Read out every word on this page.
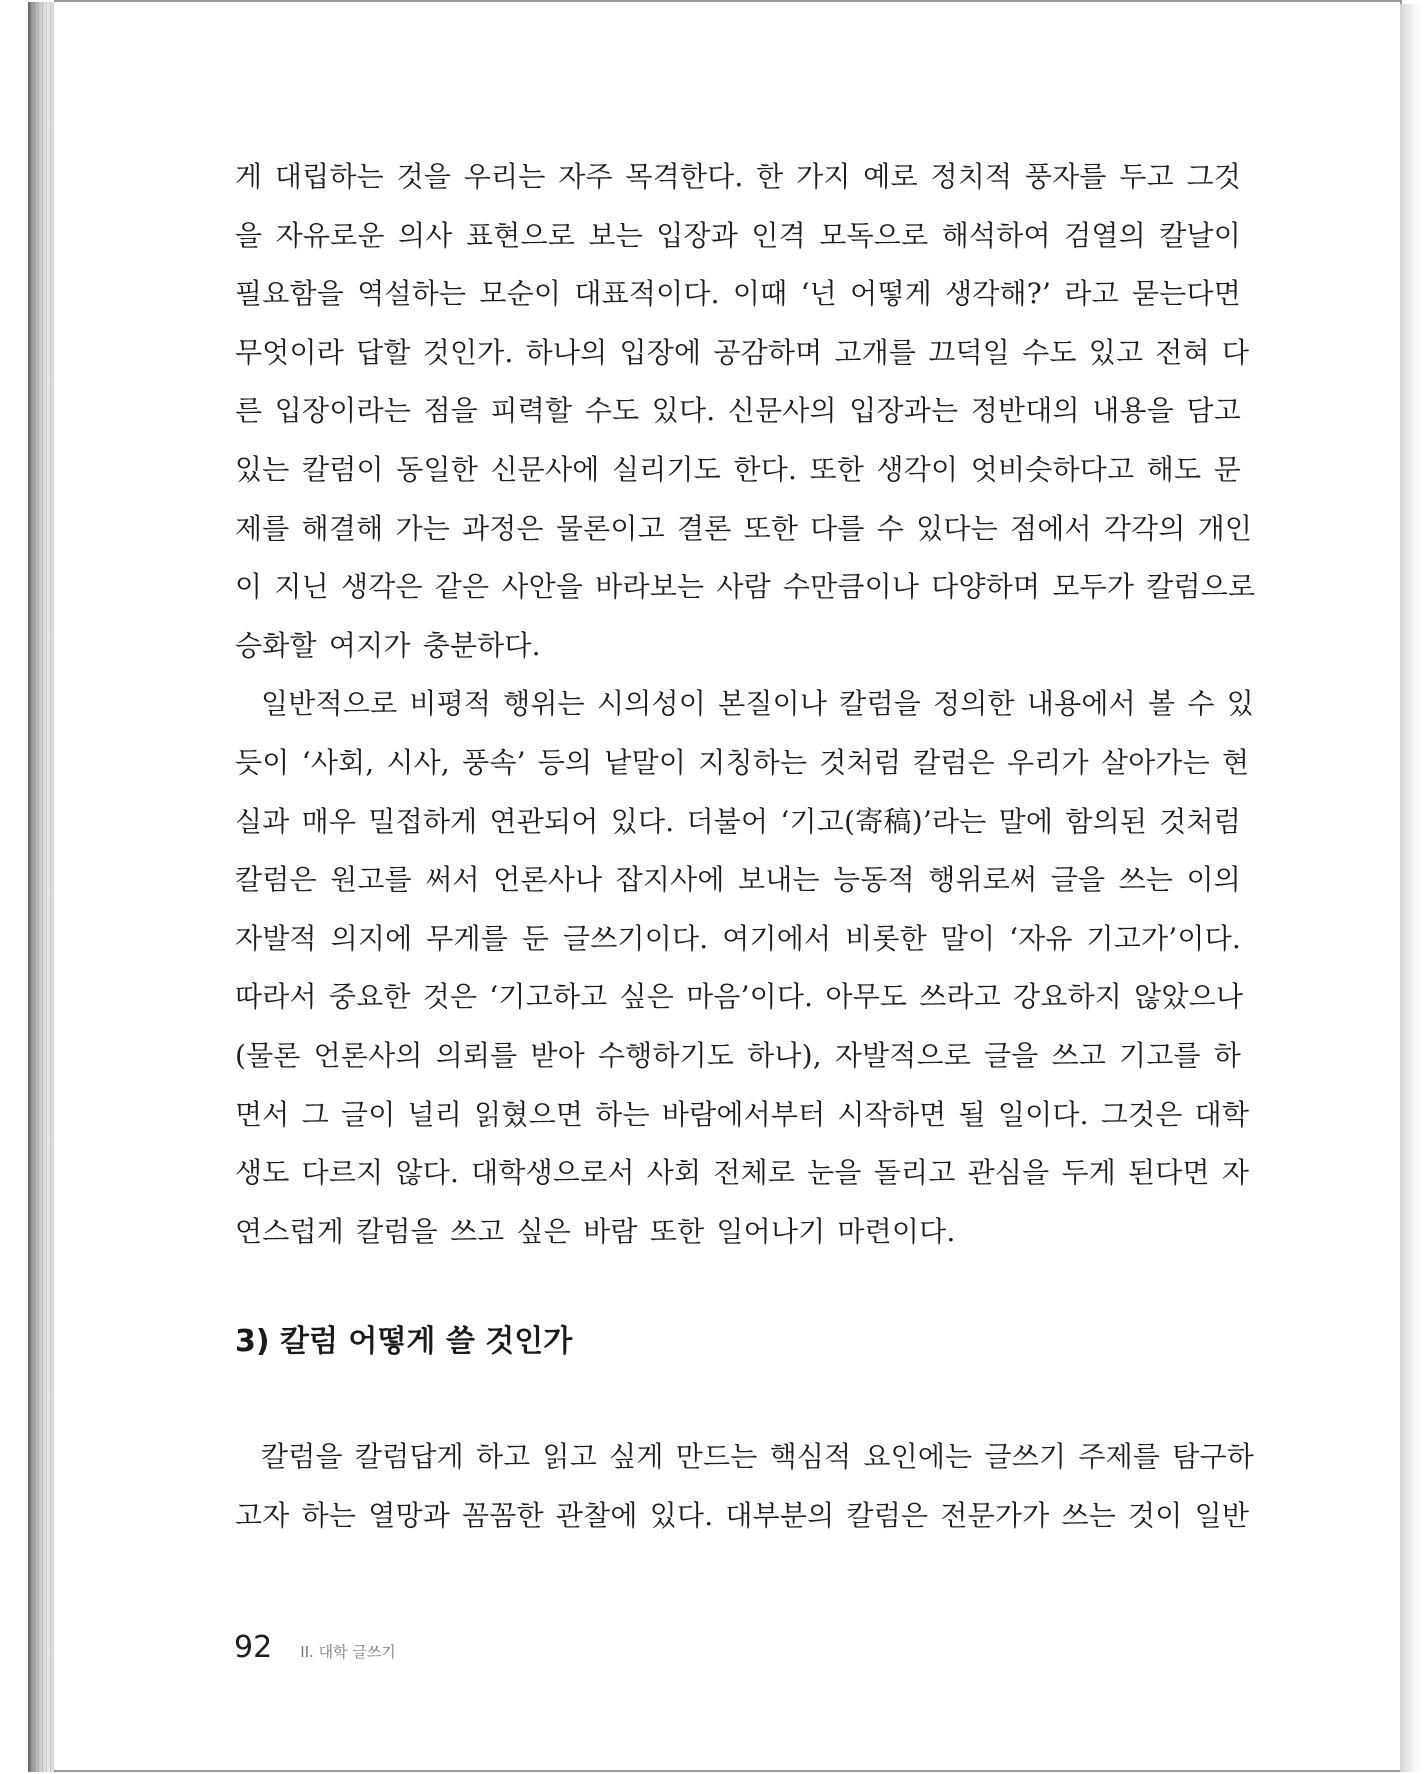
게 대립하는 것을 우리는 자주 목격한다. 한 가지 예로 정치적 풍자를 두고 그것
을 자유로운 의사 표현으로 보는 입장과 인격 모독으로 해석하여 검열의 칼날이
필요함을 역설하는 모순이 대표적이다. 이때 ‘넌 어떻게 생각해?’ 라고 묻는다면
무엇이라 답할 것인가. 하나의 입장에 공감하며 고개를 끄덕일 수도 있고 전혀 다
른 입장이라는 점을 피력할 수도 있다. 신문사의 입장과는 정반대의 내용을 담고
있는 칼럼이 동일한 신문사에 실리기도 한다. 또한 생각이 엇비슷하다고 해도 문
제를 해결해 가는 과정은 물론이고 결론 또한 다를 수 있다는 점에서 각각의 개인
이 지닌 생각은 같은 사안을 바라보는 사람 수만큼이나 다양하며 모두가 칼럼으로
승화할 여지가 충분하다.

일반적으로 비평적 행위는 시의성이 본질이나 칼럼을 정의한 내용에서 볼 수 있
듯이 ‘사회, 시사, 풍속’ 등의 낱말이 지칭하는 것처럼 칼럼은 우리가 살아가는 현
실과 매우 밀접하게 연관되어 있다. 더불어 ‘기고(寄稿)’라는 말에 함의된 것처럼
칼럼은 원고를 써서 언론사나 잡지사에 보내는 능동적 행위로써 글을 쓰는 이의
자발적 의지에 무게를 둔 글쓰기이다. 여기에서 비롯한 말이 ‘자유 기고가’이다.
따라서 중요한 것은 ‘기고하고 싶은 마음’이다. 아무도 쓰라고 강요하지 않았으나
(물론 언론사의 의뢰를 받아 수행하기도 하나), 자발적으로 글을 쓰고 기고를 하
면서 그 글이 널리 읽혔으면 하는 바람에서부터 시작하면 될 일이다. 그것은 대학
생도 다르지 않다. 대학생으로서 사회 전체로 눈을 돌리고 관심을 두게 된다면 자
연스럽게 칼럼을 쓰고 싶은 바람 또한 일어나기 마련이다.

3) 칼럼 어떻게 쓸 것인가

칼럼을 칼럼답게 하고 읽고 싶게 만드는 핵심적 요인에는 글쓰기 주제를 탐구하
고자 하는 열망과 꼼꼼한 관찰에 있다. 대부분의 칼럼은 전문가가 쓰는 것이 일반

92 II. 대학 글쓰기
